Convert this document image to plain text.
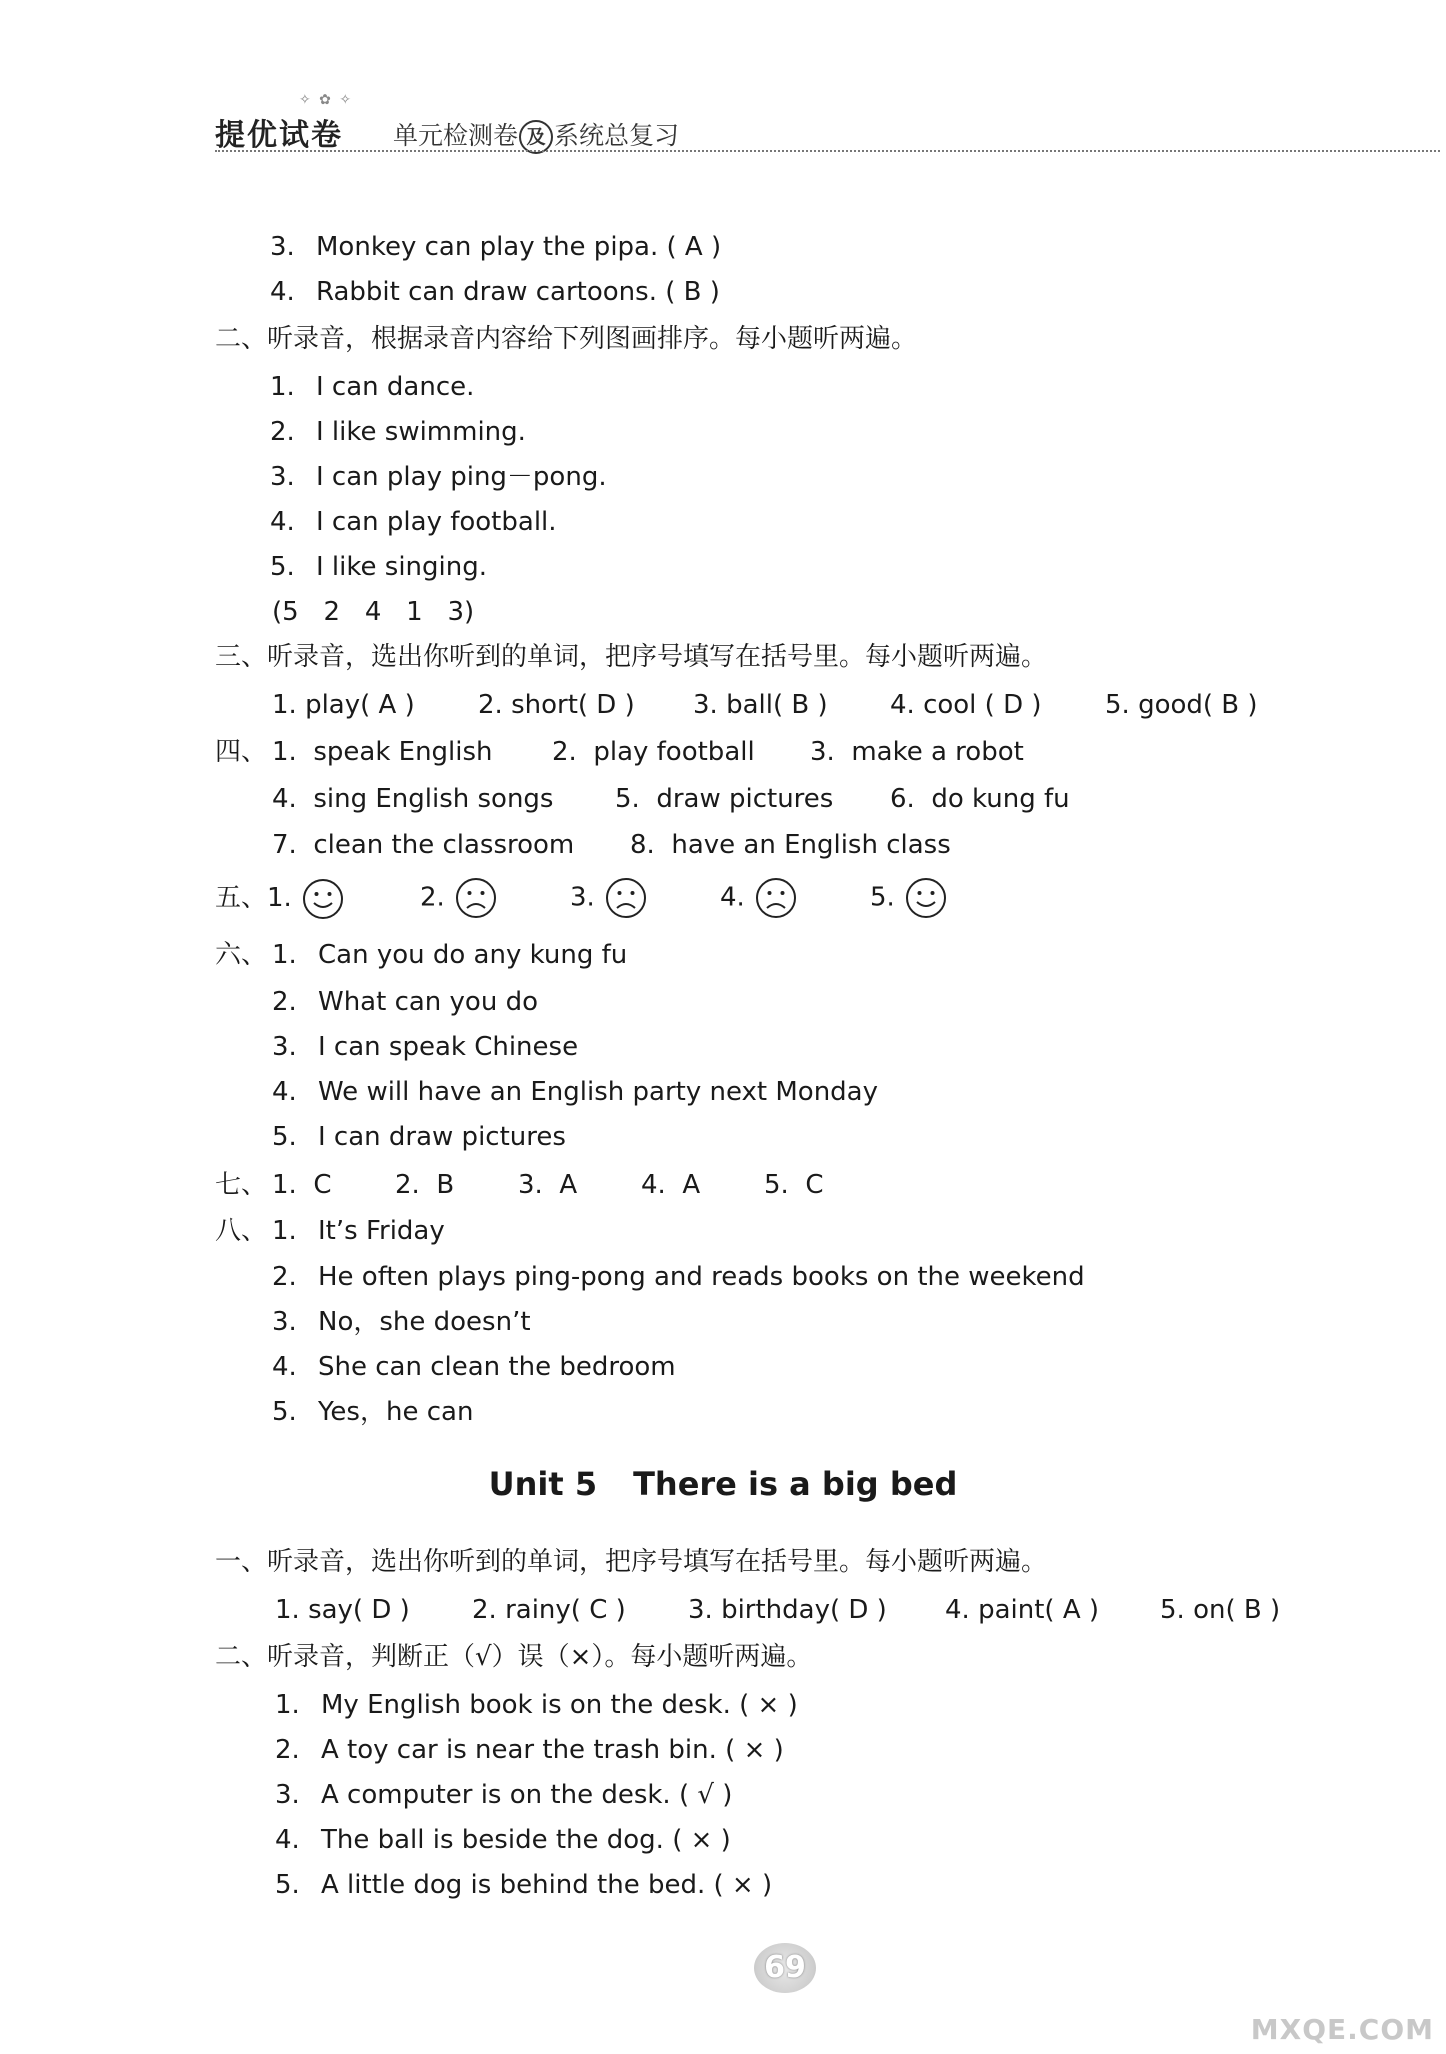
✧ ✿ ✧
提优试卷 单元检测卷 及 系统总复习
3. Monkey can play the pipa. ( A )
4. Rabbit can draw cartoons. ( B )
二、听录音，根据录音内容给下列图画排序。每小题听两遍。
1. I can dance.
2. I like swimming.
3. I can play ping－pong.
4. I can play football.
5. I like singing.
(5   2   4   1   3)
三、听录音，选出你听到的单词，把序号填写在括号里。每小题听两遍。
1. play( A ) 2. short( D ) 3. ball( B ) 4. cool ( D ) 5. good( B )
四、 1.  speak English 2.  play football 3.  make a robot
4.  sing English songs 5.  draw pictures 6.  do kung fu
7.  clean the classroom 8.  have an English class
五、1.	2.	3.	4.	5.
六、 1. Can you do any kung fu
2. What can you do
3. I can speak Chinese
4. We will have an English party next Monday
5. I can draw pictures
七、 1.  C 2.  B 3.  A 4.  A 5.  C
八、 1. It’s Friday
2. He often plays ping-pong and reads books on the weekend
3. No，she doesn’t
4. She can clean the bedroom
5. Yes，he can
Unit 5 There is a big bed
一、听录音，选出你听到的单词，把序号填写在括号里。每小题听两遍。
1. say( D ) 2. rainy( C ) 3. birthday( D ) 4. paint( A ) 5. on( B )
二、听录音，判断正（√）误（×）。每小题听两遍。
1. My English book is on the desk. ( × )
2. A toy car is near the trash bin. ( × )
3. A computer is on the desk. ( √ )
4. The ball is beside the dog. ( × )
5. A little dog is behind the bed. ( × )
69
MXQE.COM
